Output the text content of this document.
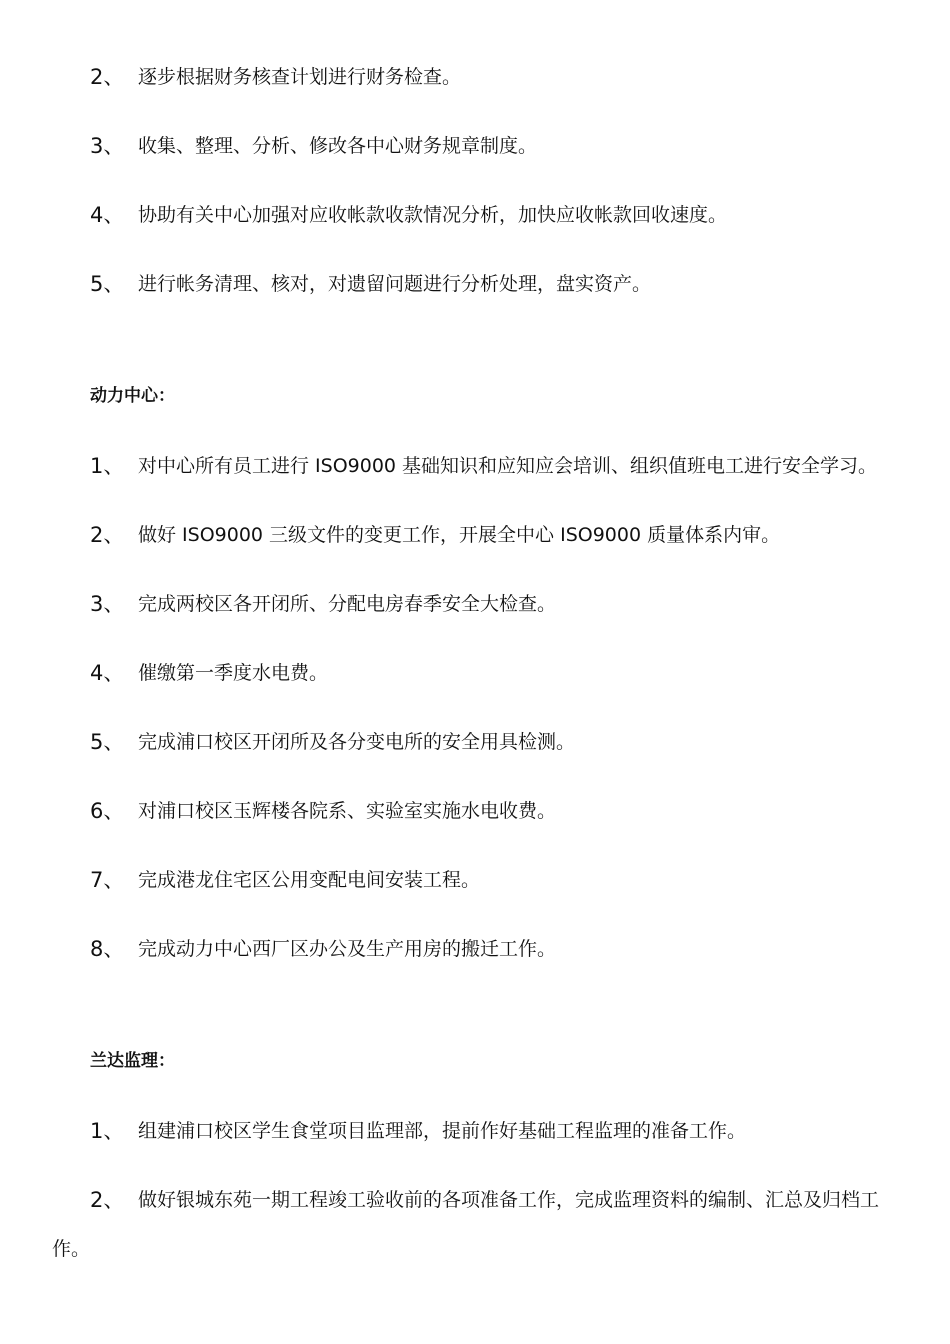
2、 逐步根据财务核查计划进行财务检查。
3、 收集、整理、分析、修改各中心财务规章制度。
4、 协助有关中心加强对应收帐款收款情况分析，加快应收帐款回收速度。
5、 进行帐务清理、核对，对遗留问题进行分析处理，盘实资产。
动力中心：
1、 对中心所有员工进行 ISO9000 基础知识和应知应会培训、组织值班电工进行安全学习。
2、 做好 ISO9000 三级文件的变更工作，开展全中心 ISO9000 质量体系内审。
3、 完成两校区各开闭所、分配电房春季安全大检查。
4、 催缴第一季度水电费。
5、 完成浦口校区开闭所及各分变电所的安全用具检测。
6、 对浦口校区玉辉楼各院系、实验室实施水电收费。
7、 完成港龙住宅区公用变配电间安装工程。
8、 完成动力中心西厂区办公及生产用房的搬迁工作。
兰达监理：
1、 组建浦口校区学生食堂项目监理部，提前作好基础工程监理的准备工作。
2、 做好银城东苑一期工程竣工验收前的各项准备工作，完成监理资料的编制、汇总及归档工
作。
